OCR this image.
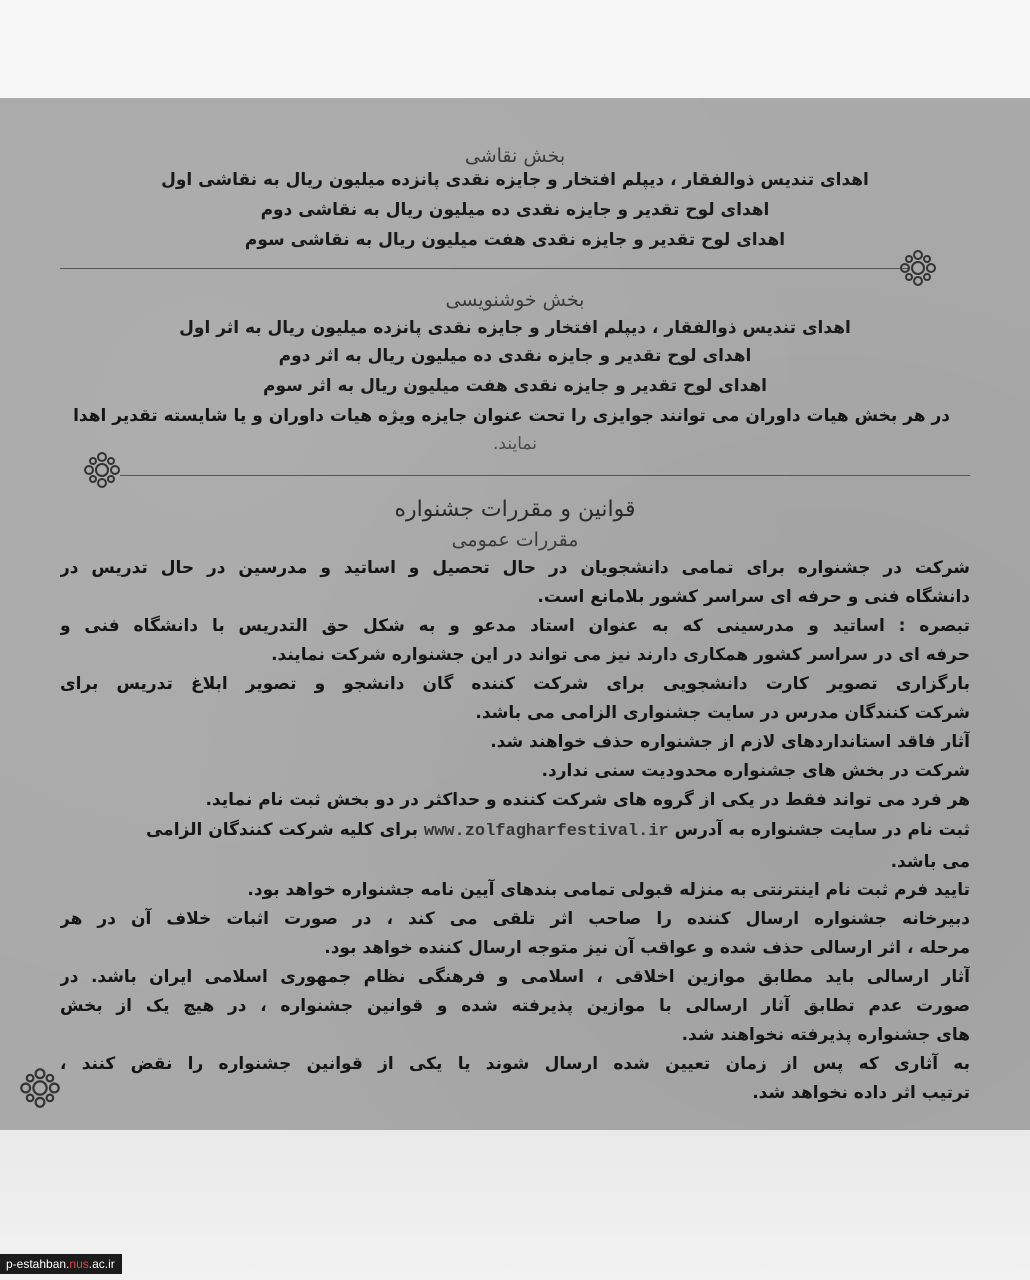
بخش نقاشی
اهدای تندیس ذوالفقار ، دیپلم افتخار و جایزه نقدی پانزده میلیون ریال به نقاشی اول
اهدای لوح تقدیر و جایزه نقدی ده میلیون ریال به نقاشی دوم
اهدای لوح تقدیر و جایزه نقدی هفت میلیون ریال به نقاشی سوم
بخش خوشنویسی
اهدای تندیس ذوالفقار ، دیپلم افتخار و جایزه نقدی پانزده میلیون ریال به اثر اول
اهدای لوح تقدیر و جایزه نقدی ده میلیون ریال به اثر دوم
اهدای لوح تقدیر و جایزه نقدی هفت میلیون ریال به اثر سوم
در هر بخش هیات داوران می توانند جوایزی را تحت عنوان جایزه ویژه هیات داوران و یا شایسته تقدیر اهدا
نمایند.
قوانین و مقررات جشنواره
مقررات عمومی
شرکت در جشنواره برای تمامی دانشجویان در حال تحصیل و اساتید و مدرسین در حال تدریس در
دانشگاه فنی و حرفه ای سراسر کشور بلامانع است.
تبصره : اساتید و مدرسینی که به عنوان استاد مدعو و به شکل حق التدریس با دانشگاه فنی و
حرفه ای در سراسر کشور همکاری دارند نیز می تواند در این جشنواره شرکت نمایند.
بارگزاری تصویر کارت دانشجویی برای شرکت کننده گان دانشجو و تصویر ابلاغ تدریس برای
شرکت کنندگان مدرس در سایت جشنواری الزامی می باشد.
آثار فاقد استانداردهای لازم از جشنواره حذف خواهند شد.
شرکت در بخش های جشنواره محدودیت سنی ندارد.
هر فرد می تواند فقط در یکی از گروه های شرکت کننده و حداکثر در دو بخش ثبت نام نماید.
ثبت نام در سایت جشنواره به آدرس www.zolfagharfestival.ir برای کلیه شرکت کنندگان الزامی
می باشد.
تایید فرم ثبت نام اینترنتی به منزله قبولی تمامی بندهای آیین نامه جشنواره خواهد بود.
دبیرخانه جشنواره ارسال کننده را صاحب اثر تلقی می کند ، در صورت اثبات خلاف آن در هر
مرحله ، اثر ارسالی حذف شده و عواقب آن نیز متوجه ارسال کننده خواهد بود.
آثار ارسالی باید مطابق موازین اخلاقی ، اسلامی و فرهنگی نظام جمهوری اسلامی ایران باشد. در
صورت عدم تطابق آثار ارسالی با موازین پذیرفته شده و قوانین جشنواره ، در هیچ یک از بخش
های جشنواره پذیرفته نخواهند شد.
به آثاری که پس از زمان تعیین شده ارسال شوند یا یکی از قوانین جشنواره را نقض کنند ،
ترتیب اثر داده نخواهد شد.
p-estahban.nus.ac.ir
